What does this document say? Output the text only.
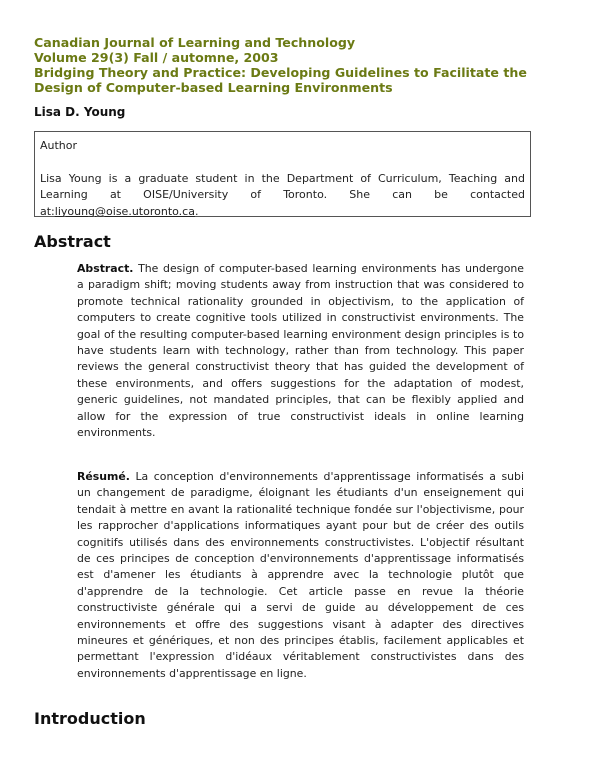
Canadian Journal of Learning and Technology
Volume 29(3) Fall / automne, 2003
Bridging Theory and Practice: Developing Guidelines to Facilitate the
Design of Computer-based Learning Environments
Lisa D. Young
Author
Lisa Young is a graduate student in the Department of Curriculum, Teaching and Learning at OISE/University of Toronto. She can be contacted at:liyoung@oise.utoronto.ca.
Abstract
Abstract. The design of computer-based learning environments has undergone a paradigm shift; moving students away from instruction that was considered to promote technical rationality grounded in objectivism, to the application of computers to create cognitive tools utilized in constructivist environments. The goal of the resulting computer-based learning environment design principles is to have students learn with technology, rather than from technology. This paper reviews the general constructivist theory that has guided the development of these environments, and offers suggestions for the adaptation of modest, generic guidelines, not mandated principles, that can be flexibly applied and allow for the expression of true constructivist ideals in online learning environments.
Résumé. La conception d'environnements d'apprentissage informatisés a subi un changement de paradigme, éloignant les étudiants d'un enseignement qui tendait à mettre en avant la rationalité technique fondée sur l'objectivisme, pour les rapprocher d'applications informatiques ayant pour but de créer des outils cognitifs utilisés dans des environnements constructivistes. L'objectif résultant de ces principes de conception d'environnements d'apprentissage informatisés est d'amener les étudiants à apprendre avec la technologie plutôt que d'apprendre de la technologie. Cet article passe en revue la théorie constructiviste générale qui a servi de guide au développement de ces environnements et offre des suggestions visant à adapter des directives mineures et génériques, et non des principes établis, facilement applicables et permettant l'expression d'idéaux véritablement constructivistes dans des environnements d'apprentissage en ligne.
Introduction
